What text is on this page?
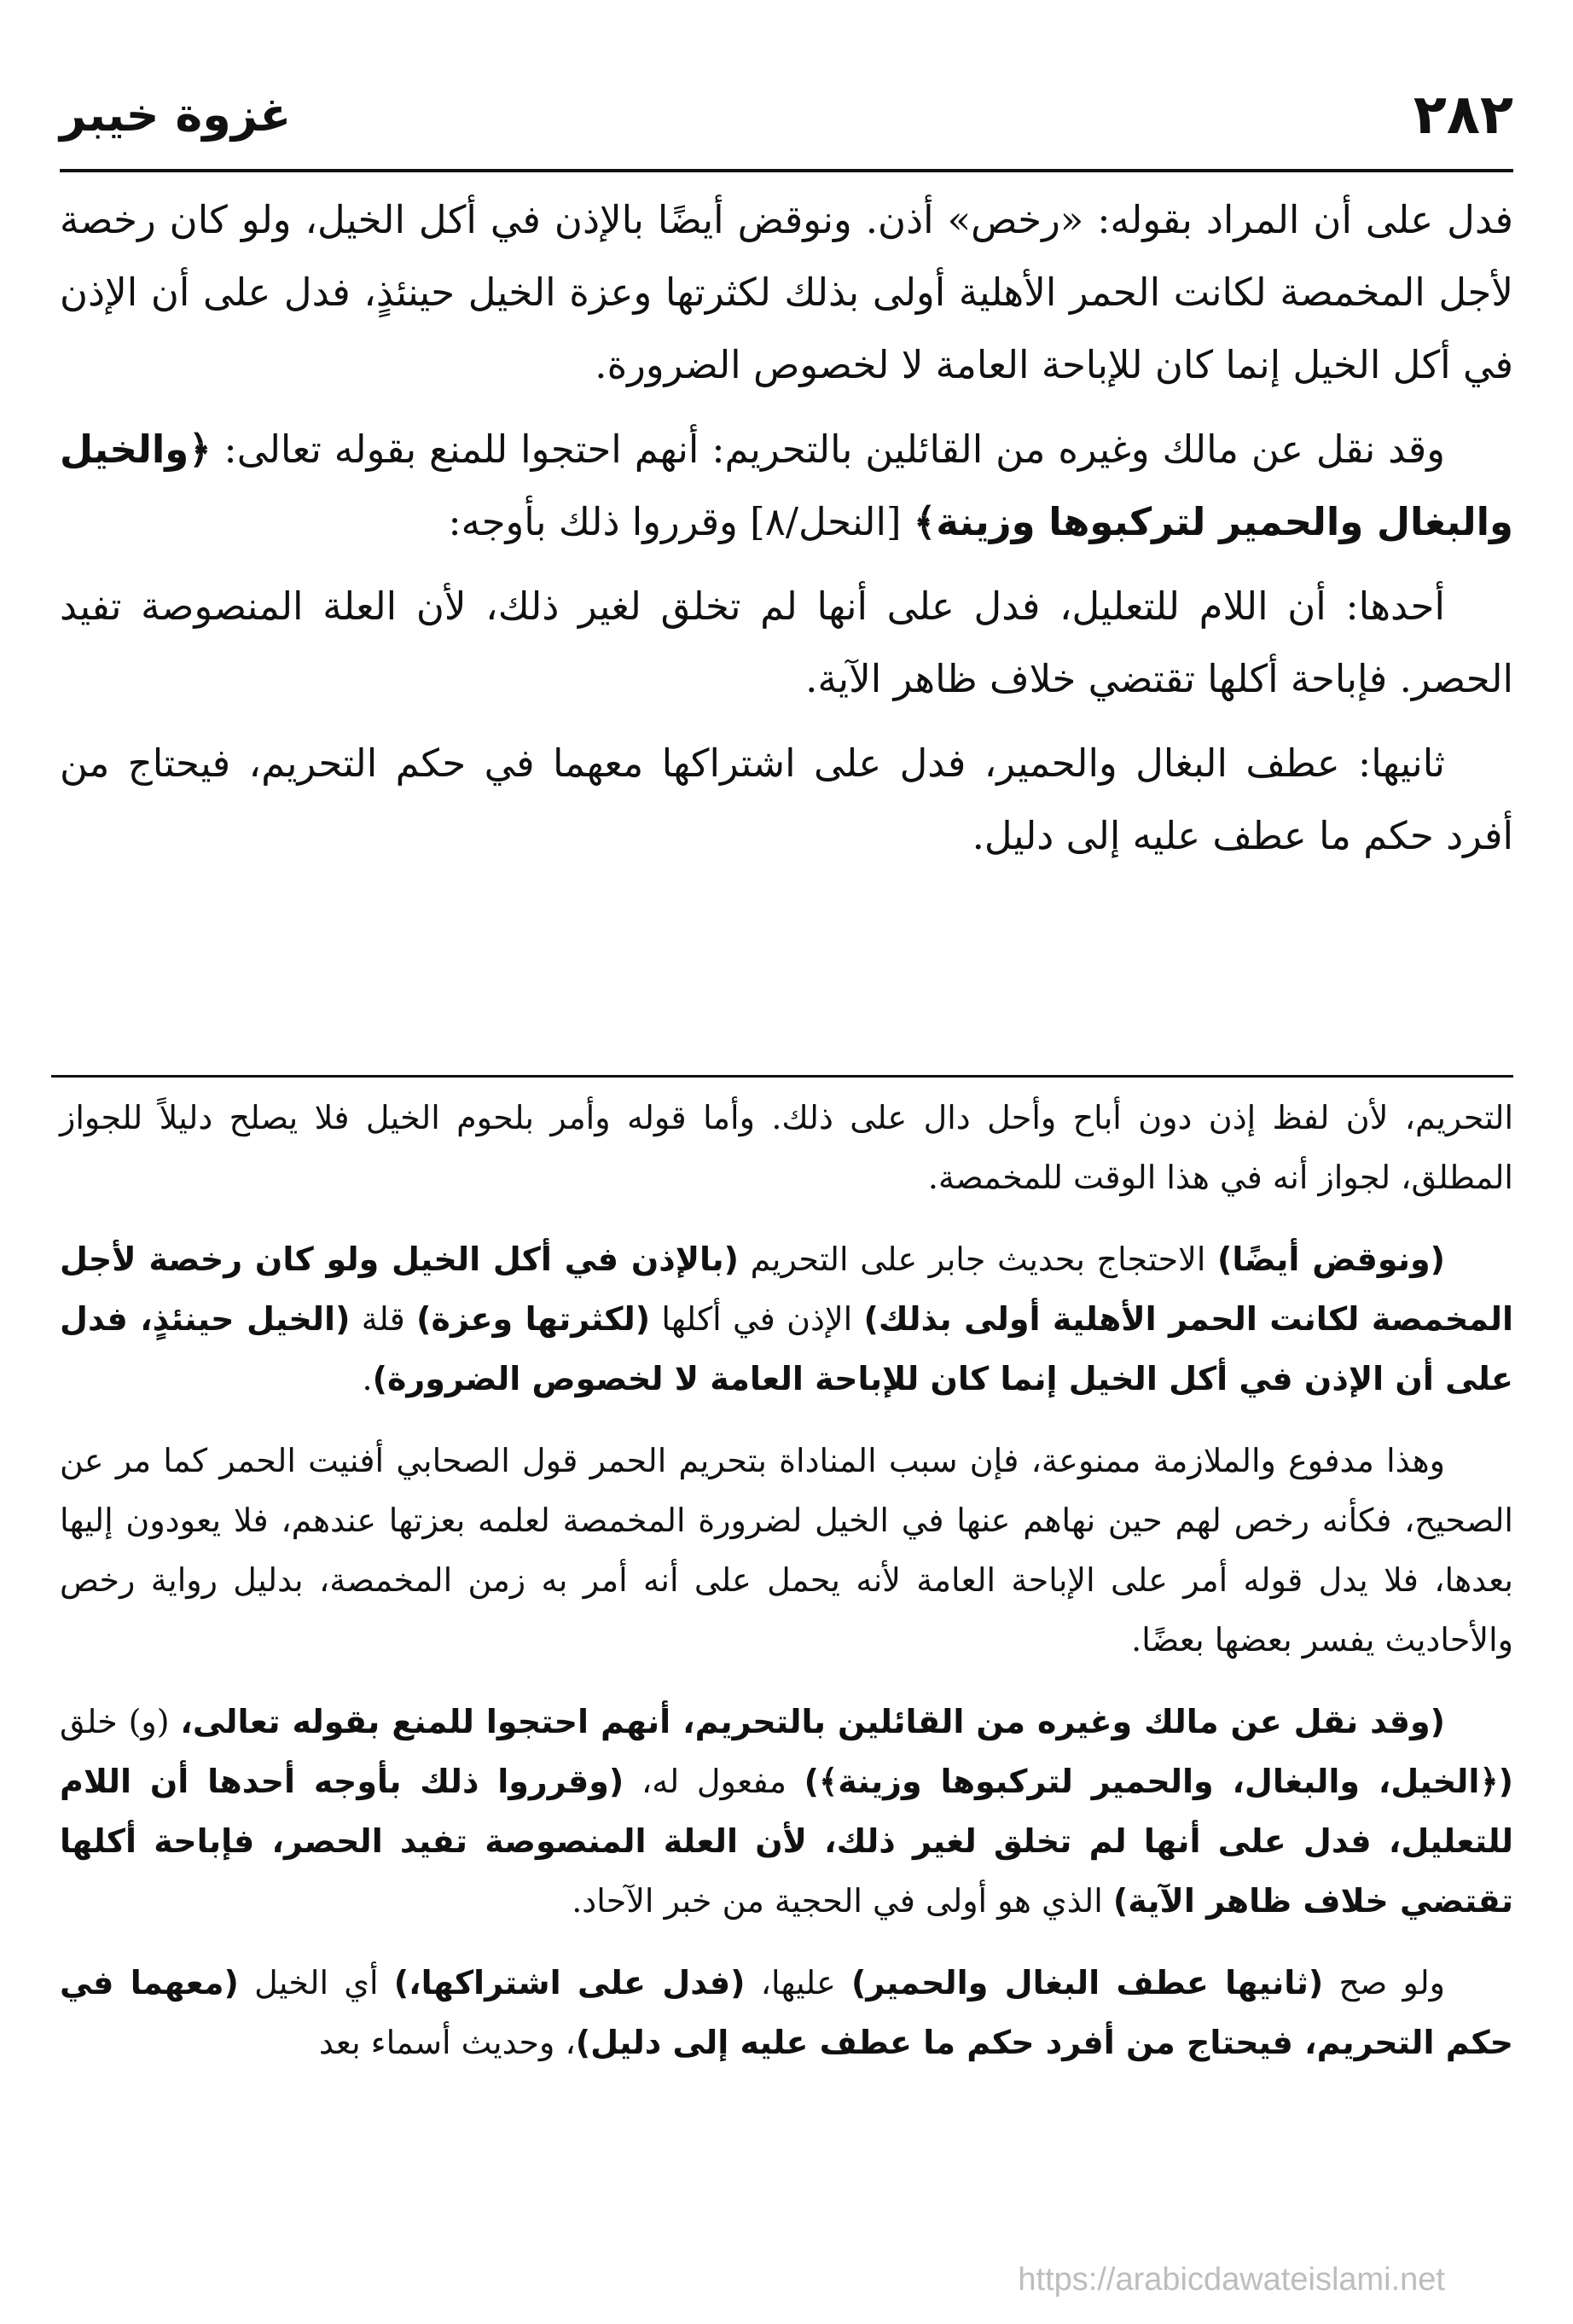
٢٨٢
غزوة خيبر

فدل على أن المراد بقوله: «رخص» أذن. ونوقض أيضًا بالإذن في أكل الخيل، ولو كان رخصة لأجل المخمصة لكانت الحمر الأهلية أولى بذلك لكثرتها وعزة الخيل حينئذٍ، فدل على أن الإذن في أكل الخيل إنما كان للإباحة العامة لا لخصوص الضرورة.

وقد نقل عن مالك وغيره من القائلين بالتحريم: أنهم احتجوا للمنع بقوله تعالى: ﴿والخيل والبغال والحمير لتركبوها وزينة﴾ [النحل/٨] وقرروا ذلك بأوجه:

أحدها: أن اللام للتعليل، فدل على أنها لم تخلق لغير ذلك، لأن العلة المنصوصة تفيد الحصر. فإباحة أكلها تقتضي خلاف ظاهر الآية.

ثانيها: عطف البغال والحمير، فدل على اشتراكها معهما في حكم التحريم، فيحتاج من أفرد حكم ما عطف عليه إلى دليل.

التحريم، لأن لفظ إذن دون أباح وأحل دال على ذلك. وأما قوله وأمر بلحوم الخيل فلا يصلح دليلاً للجواز المطلق، لجواز أنه في هذا الوقت للمخمصة.

(ونوقض أيضًا) الاحتجاج بحديث جابر على التحريم (بالإذن في أكل الخيل ولو كان رخصة لأجل المخمصة لكانت الحمر الأهلية أولى بذلك) الإذن في أكلها (لكثرتها وعزة) قلة (الخيل حينئذٍ، فدل على أن الإذن في أكل الخيل إنما كان للإباحة العامة لا لخصوص الضرورة).

وهذا مدفوع والملازمة ممنوعة، فإن سبب المناداة بتحريم الحمر قول الصحابي أفنيت الحمر كما مر عن الصحيح، فكأنه رخص لهم حين نهاهم عنها في الخيل لضرورة المخمصة لعلمه بعزتها عندهم، فلا يعودون إليها بعدها، فلا يدل قوله أمر على الإباحة العامة لأنه يحمل على أنه أمر به زمن المخمصة، بدليل رواية رخص والأحاديث يفسر بعضها بعضًا.

(وقد نقل عن مالك وغيره من القائلين بالتحريم، أنهم احتجوا للمنع بقوله تعالى، (و) خلق (﴿الخيل، والبغال، والحمير لتركبوها وزينة﴾) مفعول له، (وقرروا ذلك بأوجه أحدها أن اللام للتعليل، فدل على أنها لم تخلق لغير ذلك، لأن العلة المنصوصة تفيد الحصر، فإباحة أكلها تقتضي خلاف ظاهر الآية) الذي هو أولى في الحجية من خبر الآحاد.

ولو صح (ثانيها عطف البغال والحمير) عليها، (فدل على اشتراكها،) أي الخيل (معهما في حكم التحريم، فيحتاج من أفرد حكم ما عطف عليه إلى دليل)، وحديث أسماء بعد

https://arabicdawateislami.net
